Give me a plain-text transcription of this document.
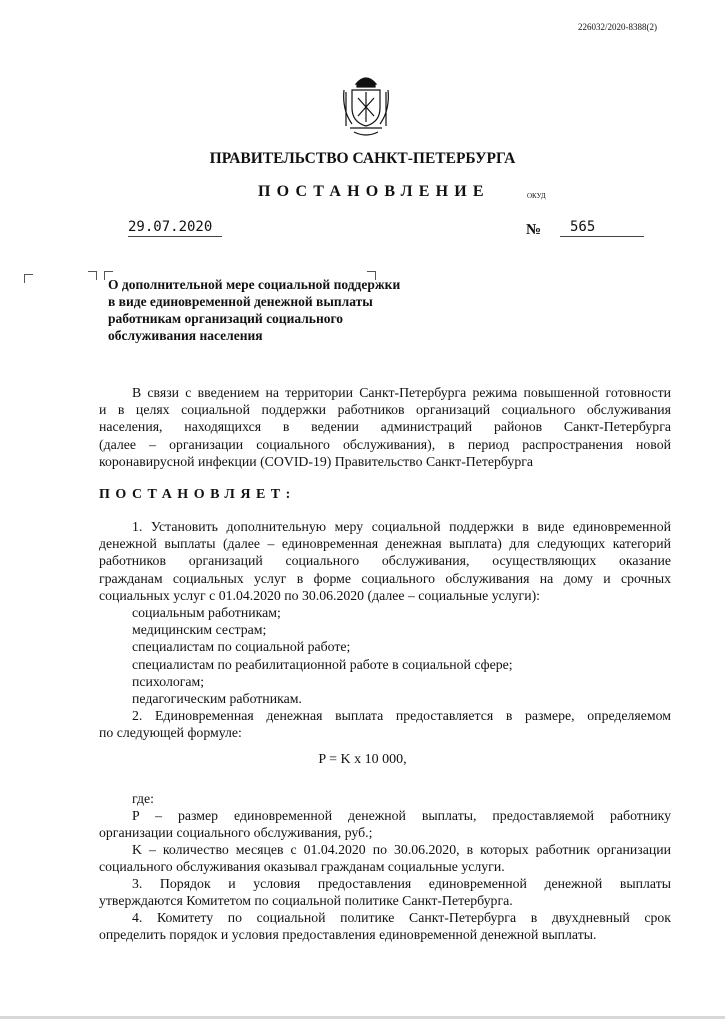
226032/2020-8388(2)
ПРАВИТЕЛЬСТВО САНКТ-ПЕТЕРБУРГА
ПОСТАНОВЛЕНИЕ	ОКУД
29.07.2020	№	565
О дополнительной мере социальной поддержки
в виде единовременной денежной выплаты
работникам организаций социального
обслуживания населения
В связи с введением на территории Санкт-Петербурга режима повышенной готовности
и в целях социальной поддержки работников организаций социального обслуживания
населения, находящихся в ведении администраций районов Санкт-Петербурга
(далее – организации социального обслуживания), в период распространения новой
коронавирусной инфекции (COVID-19) Правительство Санкт-Петербурга
ПОСТАНОВЛЯЕТ:
1. Установить дополнительную меру социальной поддержки в виде единовременной
денежной выплаты (далее – единовременная денежная выплата) для следующих категорий
работников организаций социального обслуживания, осуществляющих оказание
гражданам социальных услуг в форме социального обслуживания на дому и срочных
социальных услуг с 01.04.2020 по 30.06.2020 (далее – социальные услуги):
социальным работникам;
медицинским сестрам;
специалистам по социальной работе;
специалистам по реабилитационной работе в социальной сфере;
психологам;
педагогическим работникам.
2. Единовременная денежная выплата предоставляется в размере, определяемом
по следующей формуле:
P = K x 10 000,
где:
P – размер единовременной денежной выплаты, предоставляемой работнику
организации социального обслуживания, руб.;
K – количество месяцев с 01.04.2020 по 30.06.2020, в которых работник организации
социального обслуживания оказывал гражданам социальные услуги.
3. Порядок и условия предоставления единовременной денежной выплаты
утверждаются Комитетом по социальной политике Санкт-Петербурга.
4. Комитету по социальной политике Санкт-Петербурга в двухдневный срок
определить порядок и условия предоставления единовременной денежной выплаты.
